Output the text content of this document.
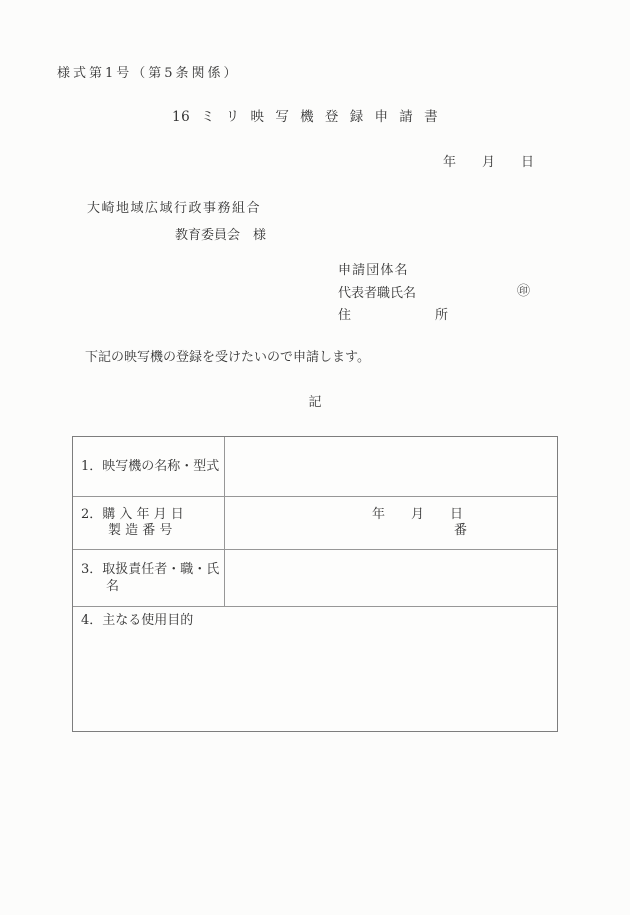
様式第1号（第5条関係）
16 ミ リ 映 写 機 登 録 申 請 書
年　　月　　日
大崎地域広域行政事務組合
教育委員会　様
申 請 団 体 名
代表者職氏名	㊞
住	所
下記の映写機の登録を受けたいので申請します。
記
1．映写機の名称・型式
2．購 入 年 月 日
製 造 番 号
年　　月　　日
番
3．取扱責任者・職・氏名
4．主なる使用目的
